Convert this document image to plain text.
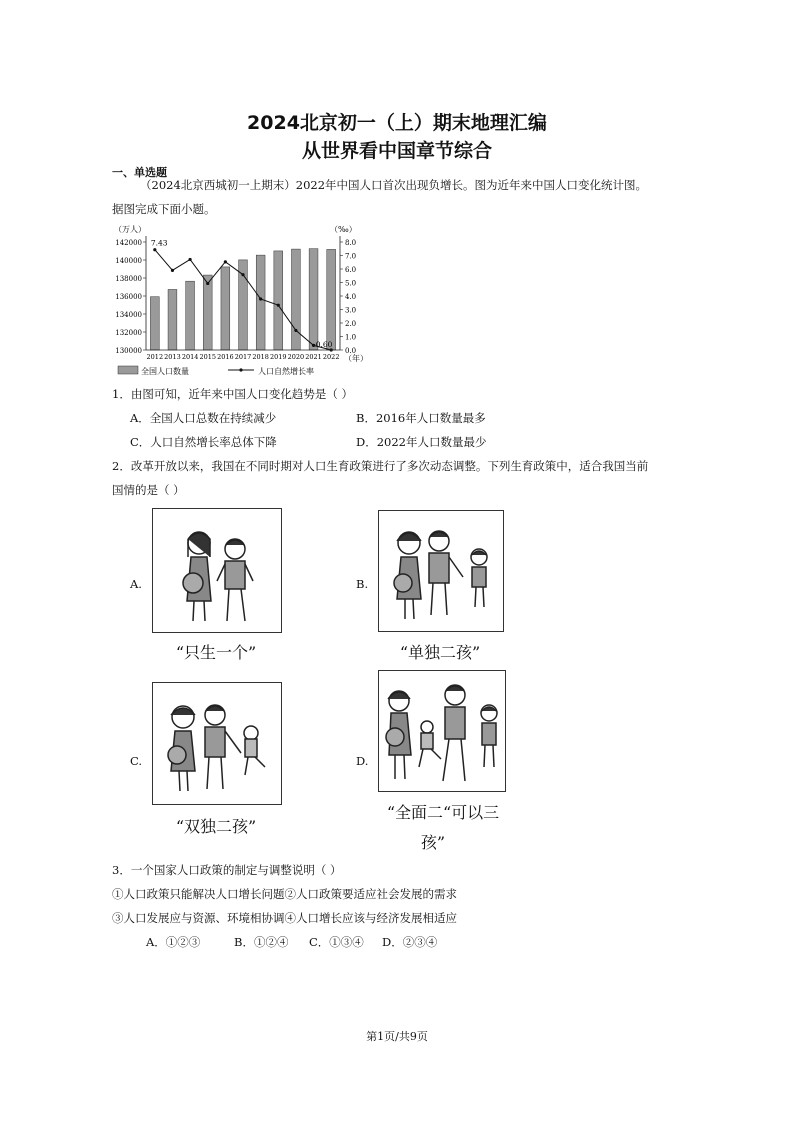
2024北京初一（上）期末地理汇编
从世界看中国章节综合
一、单选题
（2024北京西城初一上期末）2022年中国人口首次出现负增长。图为近年来中国人口变化统计图。
据图完成下面小题。
（万人）	（‰）
7.43
-0.60
142000
140000
138000
136000
134000
132000
130000
8.0
7.0
6.0
5.0
4.0
3.0
2.0
1.0
0.0
2012 2013 2014 2015 2016 2017 2018 2019 2020 2021 2022 （年）
全国人口数量	人口自然增长率
1．由图可知，近年来中国人口变化趋势是（ ）
A．全国人口总数在持续减少	B．2016年人口数量最多
C．人口自然增长率总体下降	D．2022年人口数量最少
2．改革开放以来，我国在不同时期对人口生育政策进行了多次动态调整。下列生育政策中，适合我国当前
国情的是（ ）
A.	B.
C.	D.
“只生一个”	“单独二孩”
“双独二孩”
“全面二“可以三
孩”
3．一个国家人口政策的制定与调整说明（ ）
①人口政策只能解决人口增长问题②人口政策要适应社会发展的需求
③人口发展应与资源、环境相协调④人口增长应该与经济发展相适应
A．①②③	B．①②④ C．①③④ D．②③④
第1页/共9页
